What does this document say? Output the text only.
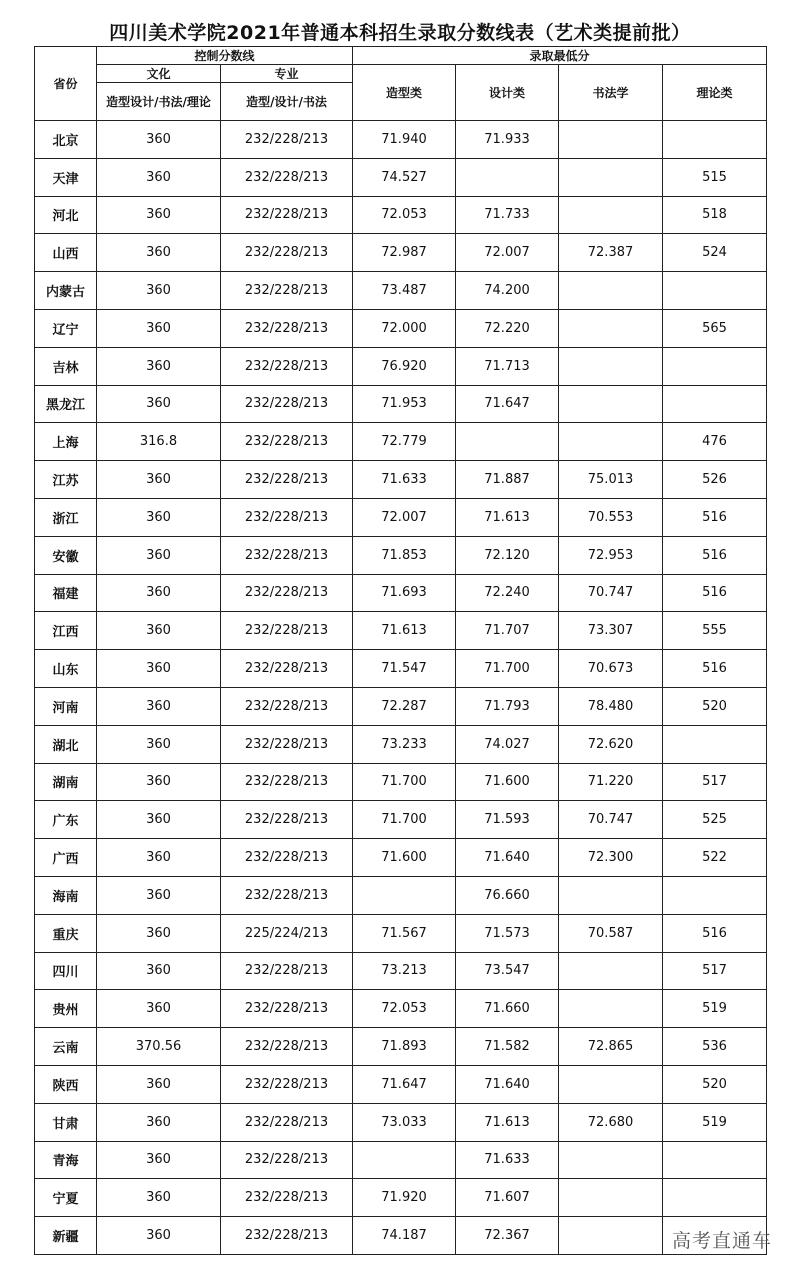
四川美术学院2021年普通本科招生录取分数线表（艺术类提前批）
省份	控制分数线		录取最低分			
	文化	专业	造型类	设计类	书法学	理论类
	造型设计/书法/理论	造型/设计/书法				
北京	360	232/228/213	71.940	71.933		
天津	360	232/228/213	74.527			515
河北	360	232/228/213	72.053	71.733		518
山西	360	232/228/213	72.987	72.007	72.387	524
内蒙古	360	232/228/213	73.487	74.200		
辽宁	360	232/228/213	72.000	72.220		565
吉林	360	232/228/213	76.920	71.713		
黑龙江	360	232/228/213	71.953	71.647		
上海	316.8	232/228/213	72.779			476
江苏	360	232/228/213	71.633	71.887	75.013	526
浙江	360	232/228/213	72.007	71.613	70.553	516
安徽	360	232/228/213	71.853	72.120	72.953	516
福建	360	232/228/213	71.693	72.240	70.747	516
江西	360	232/228/213	71.613	71.707	73.307	555
山东	360	232/228/213	71.547	71.700	70.673	516
河南	360	232/228/213	72.287	71.793	78.480	520
湖北	360	232/228/213	73.233	74.027	72.620	
湖南	360	232/228/213	71.700	71.600	71.220	517
广东	360	232/228/213	71.700	71.593	70.747	525
广西	360	232/228/213	71.600	71.640	72.300	522
海南	360	232/228/213		76.660		
重庆	360	225/224/213	71.567	71.573	70.587	516
四川	360	232/228/213	73.213	73.547		517
贵州	360	232/228/213	72.053	71.660		519
云南	370.56	232/228/213	71.893	71.582	72.865	536
陕西	360	232/228/213	71.647	71.640		520
甘肃	360	232/228/213	73.033	71.613	72.680	519
青海	360	232/228/213		71.633		
宁夏	360	232/228/213	71.920	71.607		
新疆	360	232/228/213	74.187	72.367			高考直通车
